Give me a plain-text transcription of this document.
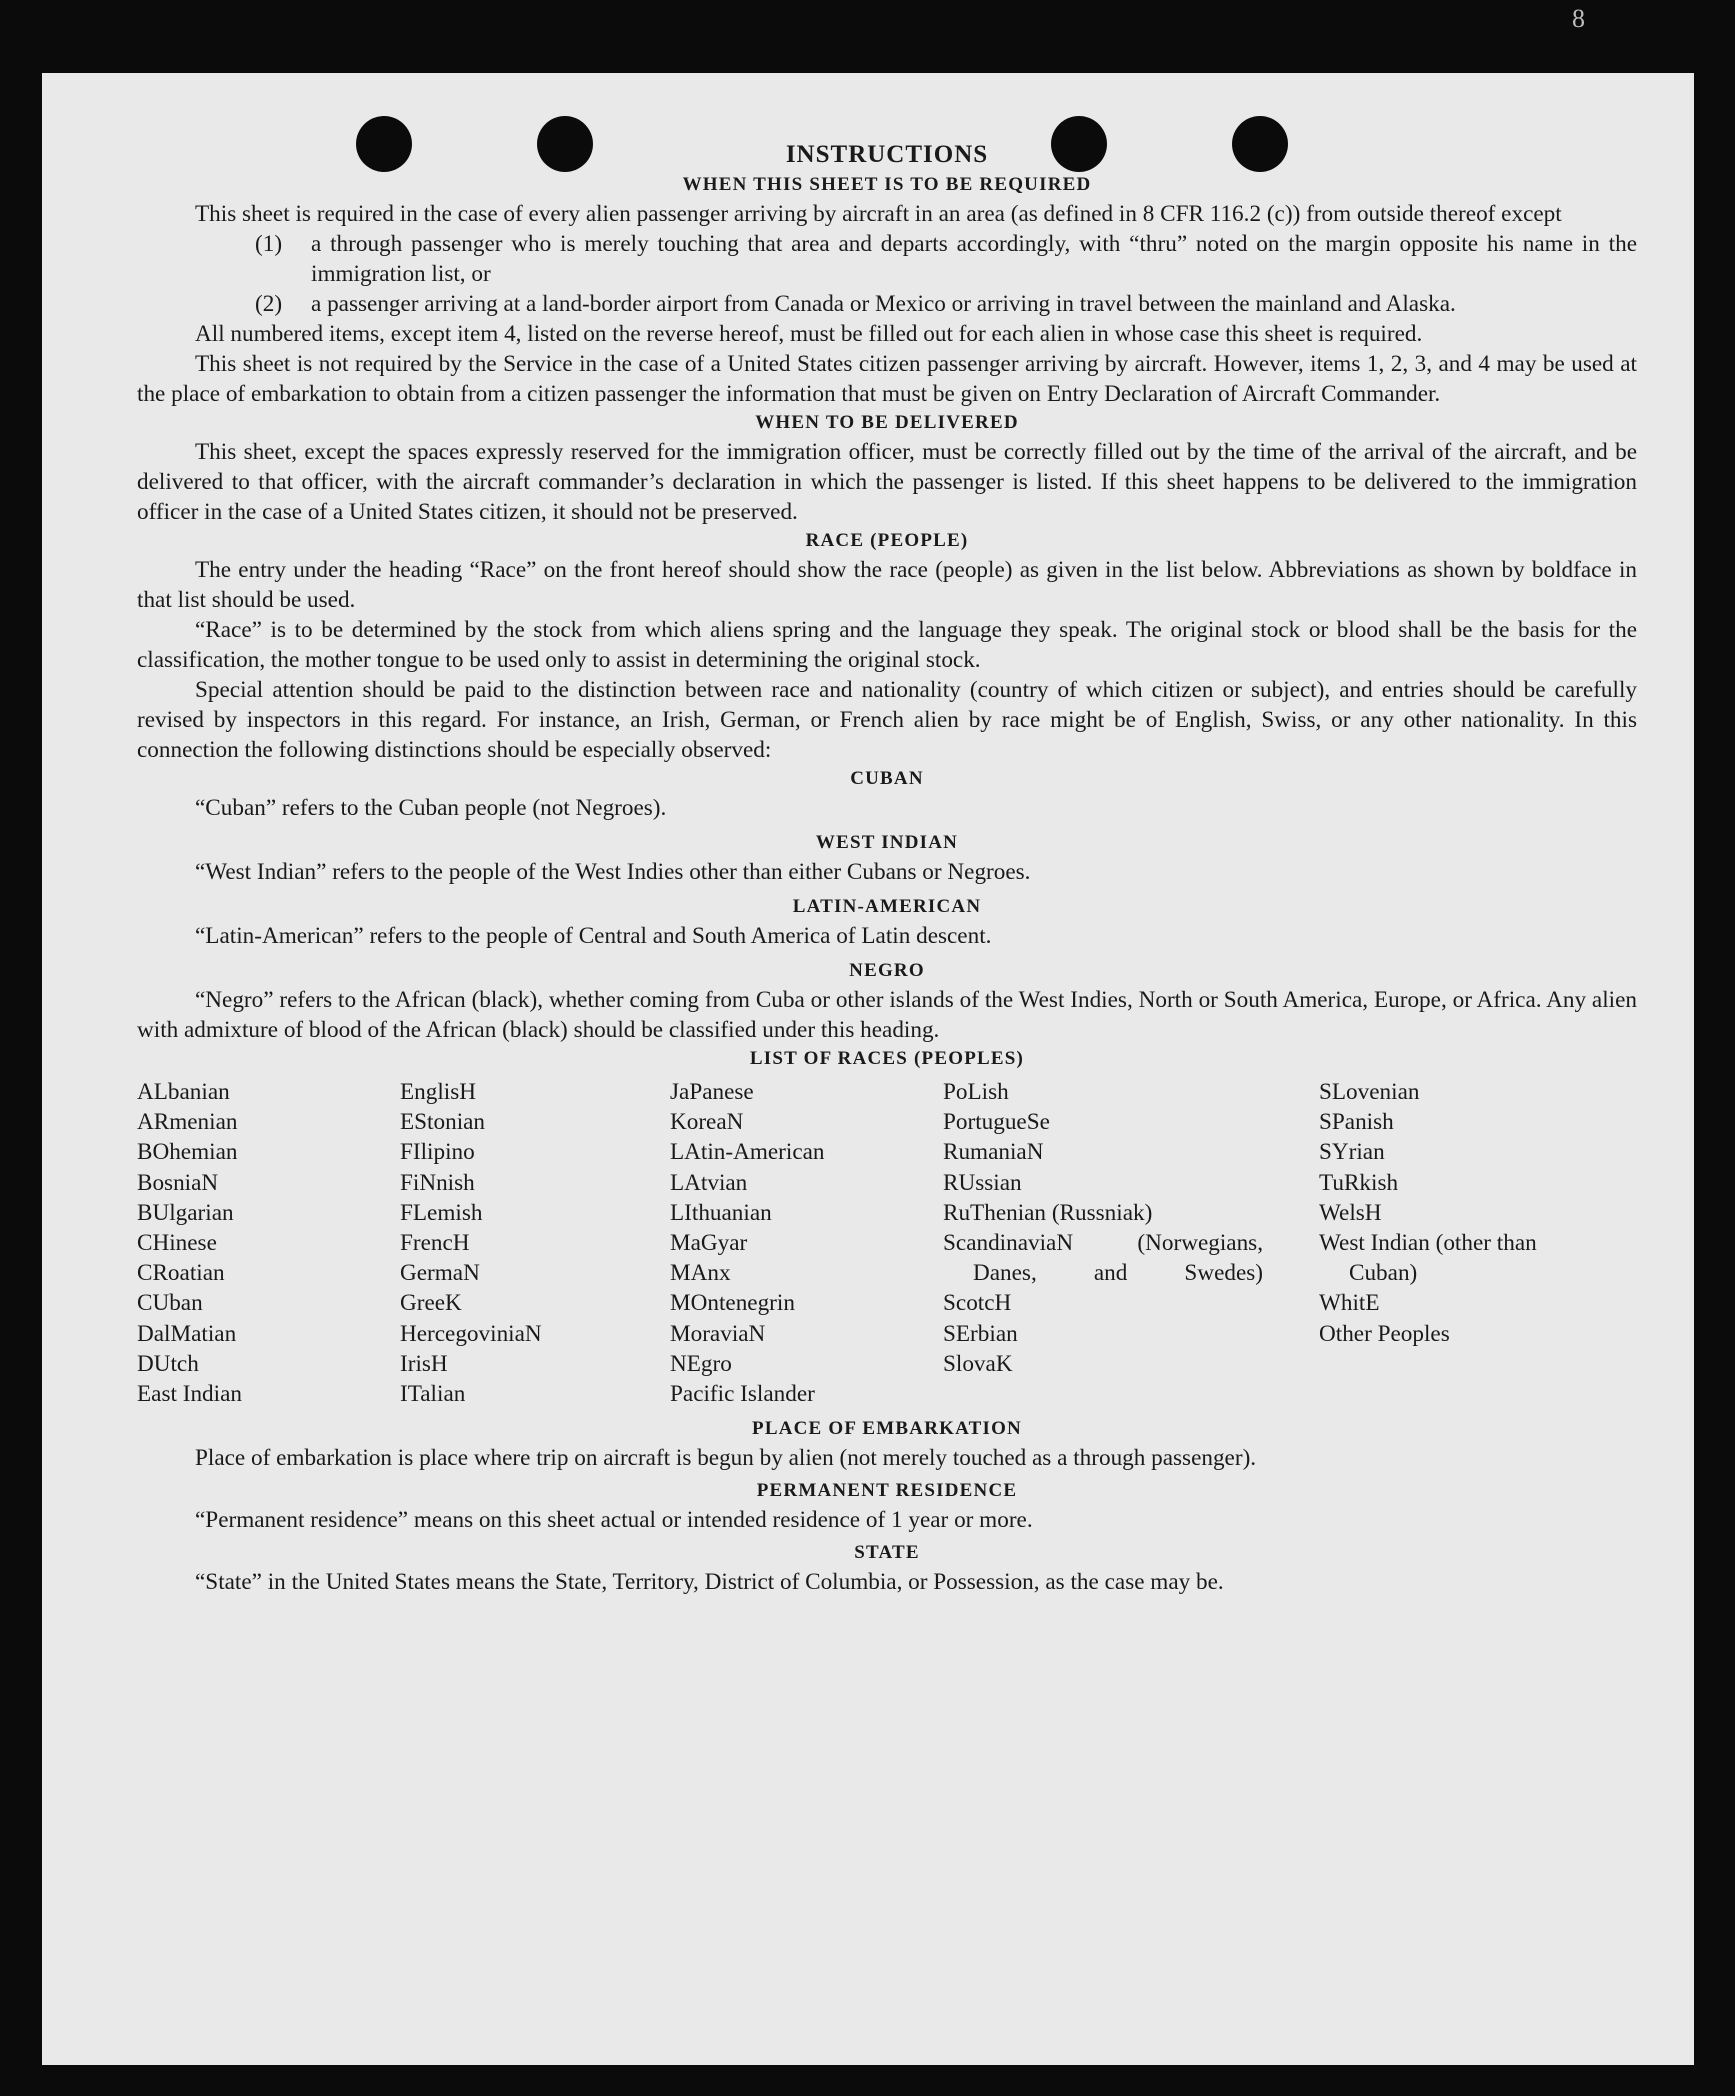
8
INSTRUCTIONS
WHEN THIS SHEET IS TO BE REQUIRED

This sheet is required in the case of every alien passenger arriving by aircraft in an area (as defined in 8 CFR 116.2 (c)) from outside thereof except

(1)	a through passenger who is merely touching that area and departs accordingly, with “thru” noted on the margin opposite his name in the immigration list, or
(2)	a passenger arriving at a land-border airport from Canada or Mexico or arriving in travel between the mainland and Alaska.

All numbered items, except item 4, listed on the reverse hereof, must be filled out for each alien in whose case this sheet is required.

This sheet is not required by the Service in the case of a United States citizen passenger arriving by aircraft. However, items 1, 2, 3, and 4 may be used at the place of embarkation to obtain from a citizen passenger the information that must be given on Entry Declaration of Aircraft Commander.

WHEN TO BE DELIVERED

This sheet, except the spaces expressly reserved for the immigration officer, must be correctly filled out by the time of the arrival of the aircraft, and be delivered to that officer, with the aircraft commander’s declaration in which the passenger is listed. If this sheet happens to be delivered to the immigration officer in the case of a United States citizen, it should not be preserved.

RACE (PEOPLE)

The entry under the heading “Race” on the front hereof should show the race (people) as given in the list below. Abbreviations as shown by boldface in that list should be used.

“Race” is to be determined by the stock from which aliens spring and the language they speak. The original stock or blood shall be the basis for the classification, the mother tongue to be used only to assist in determining the original stock.

Special attention should be paid to the distinction between race and nationality (country of which citizen or subject), and entries should be carefully revised by inspectors in this regard. For instance, an Irish, German, or French alien by race might be of English, Swiss, or any other nationality. In this connection the following distinctions should be especially observed:

CUBAN

“Cuban” refers to the Cuban people (not Negroes).

WEST INDIAN

“West Indian” refers to the people of the West Indies other than either Cubans or Negroes.

LATIN-AMERICAN

“Latin-American” refers to the people of Central and South America of Latin descent.

NEGRO

“Negro” refers to the African (black), whether coming from Cuba or other islands of the West Indies, North or South America, Europe, or Africa. Any alien with admixture of blood of the African (black) should be classified under this heading.

LIST OF RACES (PEOPLES)
ALbanian
ARmenian
BOhemian
BosniaN
BUlgarian
CHinese
CRoatian
CUban
DalMatian
DUtch
East Indian
EnglisH
EStonian
FIlipino
FiNnish
FLemish
FrencH
GermaN
GreeK
HercegoviniaN
IrisH
ITalian
JaPanese
KoreaN
LAtin-American
LAtvian
LIthuanian
MaGyar
MAnx
MOntenegrin
MoraviaN
NEgro
Pacific Islander
PoLish
PortugueSe
RumaniaN
RUssian
RuThenian (Russniak)
ScandinaviaN (Norwegians, Danes, and Swedes)
ScotcH
SErbian
SlovaK
SLovenian
SPanish
SYrian
TuRkish
WelsH
West Indian (other than Cuban)
WhitE
Other Peoples
PLACE OF EMBARKATION

Place of embarkation is place where trip on aircraft is begun by alien (not merely touched as a through passenger).

PERMANENT RESIDENCE

“Permanent residence” means on this sheet actual or intended residence of 1 year or more.

STATE

“State” in the United States means the State, Territory, District of Columbia, or Possession, as the case may be.
